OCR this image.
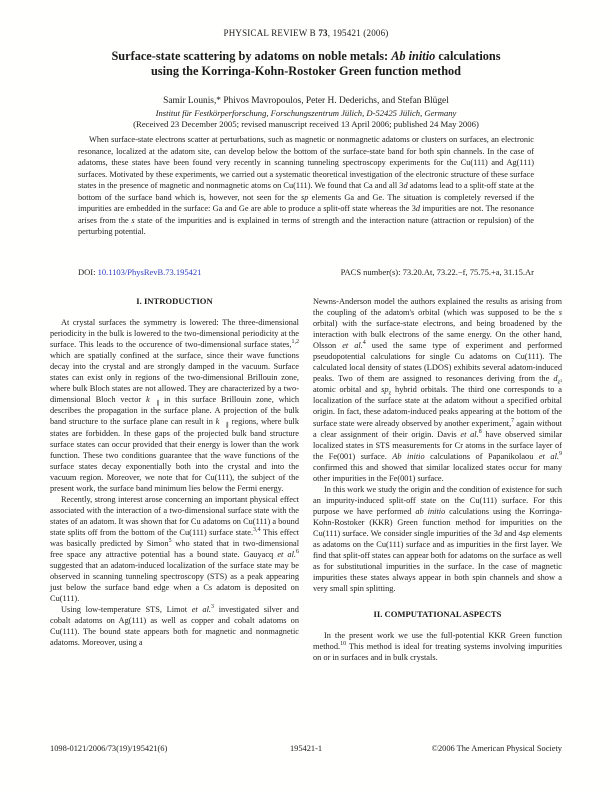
PHYSICAL REVIEW B 73, 195421 (2006)
Surface-state scattering by adatoms on noble metals: Ab initio calculations
using the Korringa-Kohn-Rostoker Green function method
Samir Lounis,* Phivos Mavropoulos, Peter H. Dederichs, and Stefan Blügel
Institut für Festkörperforschung, Forschungszentrum Jülich, D-52425 Jülich, Germany
(Received 23 December 2005; revised manuscript received 13 April 2006; published 24 May 2006)
When surface-state electrons scatter at perturbations, such as magnetic or nonmagnetic adatoms or clusters on surfaces, an electronic resonance, localized at the adatom site, can develop below the bottom of the surface-state band for both spin channels. In the case of adatoms, these states have been found very recently in scanning tunneling spectroscopy experiments for the Cu(111) and Ag(111) surfaces. Motivated by these experiments, we carried out a systematic theoretical investigation of the electronic structure of these surface states in the presence of magnetic and nonmagnetic atoms on Cu(111). We found that Ca and all 3d adatoms lead to a split-off state at the bottom of the surface band which is, however, not seen for the sp elements Ga and Ge. The situation is completely reversed if the impurities are embedded in the surface: Ga and Ge are able to produce a split-off state whereas the 3d impurities are not. The resonance arises from the s state of the impurities and is explained in terms of strength and the interaction nature (attraction or repulsion) of the perturbing potential.
DOI: 10.1103/PhysRevB.73.195421	PACS number(s): 73.20.At, 73.22.−f, 75.75.+a, 31.15.Ar
I. INTRODUCTION

At crystal surfaces the symmetry is lowered: The three-dimensional periodicity in the bulk is lowered to the two-dimensional periodicity at the surface. This leads to the occurence of two-dimensional surface states,$^{1,2}$ which are spatially confined at the surface, since their wave functions decay into the crystal and are strongly damped in the vacuum. Surface states can exist only in regions of the two-dimensional Brillouin zone, where bulk Bloch states are not allowed. They are characterized by a two-dimensional Bloch vector $k⃗_\parallel$ in this surface Brillouin zone, which describes the propagation in the surface plane. A projection of the bulk band structure to the surface plane can result in $k⃗_\parallel$ regions, where bulk states are forbidden. In these gaps of the projected bulk band structure surface states can occur provided that their energy is lower than the work function. These two conditions guarantee that the wave functions of the surface states decay exponentially both into the crystal and into the vacuum region. Moreover, we note that for Cu(111), the subject of the present work, the surface band minimum lies below the Fermi energy.

Recently, strong interest arose concerning an important physical effect associated with the interaction of a two-dimensional surface state with the states of an adatom. It was shown that for Cu adatoms on Cu(111) a bound state splits off from the bottom of the Cu(111) surface state.$^{3,4}$ This effect was basically predicted by Simon$^5$ who stated that in two-dimensional free space any attractive potential has a bound state. Gauyacq et al.$^6$ suggested that an adatom-induced localization of the surface state may be observed in scanning tunneling spectroscopy (STS) as a peak appearing just below the surface band edge when a Cs adatom is deposited on Cu(111).

Using low-temperature STS, Limot et al.$^3$ investigated silver and cobalt adatoms on Ag(111) as well as copper and cobalt adatoms on Cu(111). The bound state appears both for magnetic and nonmagnetic adatoms. Moreover, using a

Newns-Anderson model the authors explained the results as arising from the coupling of the adatom's orbital (which was supposed to be the s orbital) with the surface-state electrons, and being broadened by the interaction with bulk electrons of the same energy. On the other hand, Olsson et al.$^4$ used the same type of experiment and performed pseudopotential calculations for single Cu adatoms on Cu(111). The calculated local density of states (LDOS) exhibits several adatom-induced peaks. Two of them are assigned to resonances deriving from the $d_{z^2}$ atomic orbital and $sp_z$ hybrid orbitals. The third one corresponds to a localization of the surface state at the adatom without a specified orbital origin. In fact, these adatom-induced peaks appearing at the bottom of the surface state were already observed by another experiment,$^7$ again without a clear assignment of their origin. Davis et al.$^8$ have observed similar localized states in STS measurements for Cr atoms in the surface layer of the Fe(001) surface. Ab initio calculations of Papanikolaou et al.$^9$ confirmed this and showed that similar localized states occur for many other impurities in the Fe(001) surface.

In this work we study the origin and the condition of existence for such an impurity-induced split-off state on the Cu(111) surface. For this purpose we have performed ab initio calculations using the Korringa-Kohn-Rostoker (KKR) Green function method for impurities on the Cu(111) surface. We consider single impurities of the 3d and 4sp elements as adatoms on the Cu(111) surface and as impurities in the first layer. We find that split-off states can appear both for adatoms on the surface as well as for substitutional impurities in the surface. In the case of magnetic impurities these states always appear in both spin channels and show a very small spin splitting.

II. COMPUTATIONAL ASPECTS

In the present work we use the full-potential KKR Green function method.$^{10}$ This method is ideal for treating systems involving impurities on or in surfaces and in bulk crystals.

1098-0121/2006/73(19)/195421(6)	195421-1	©2006 The American Physical Society
